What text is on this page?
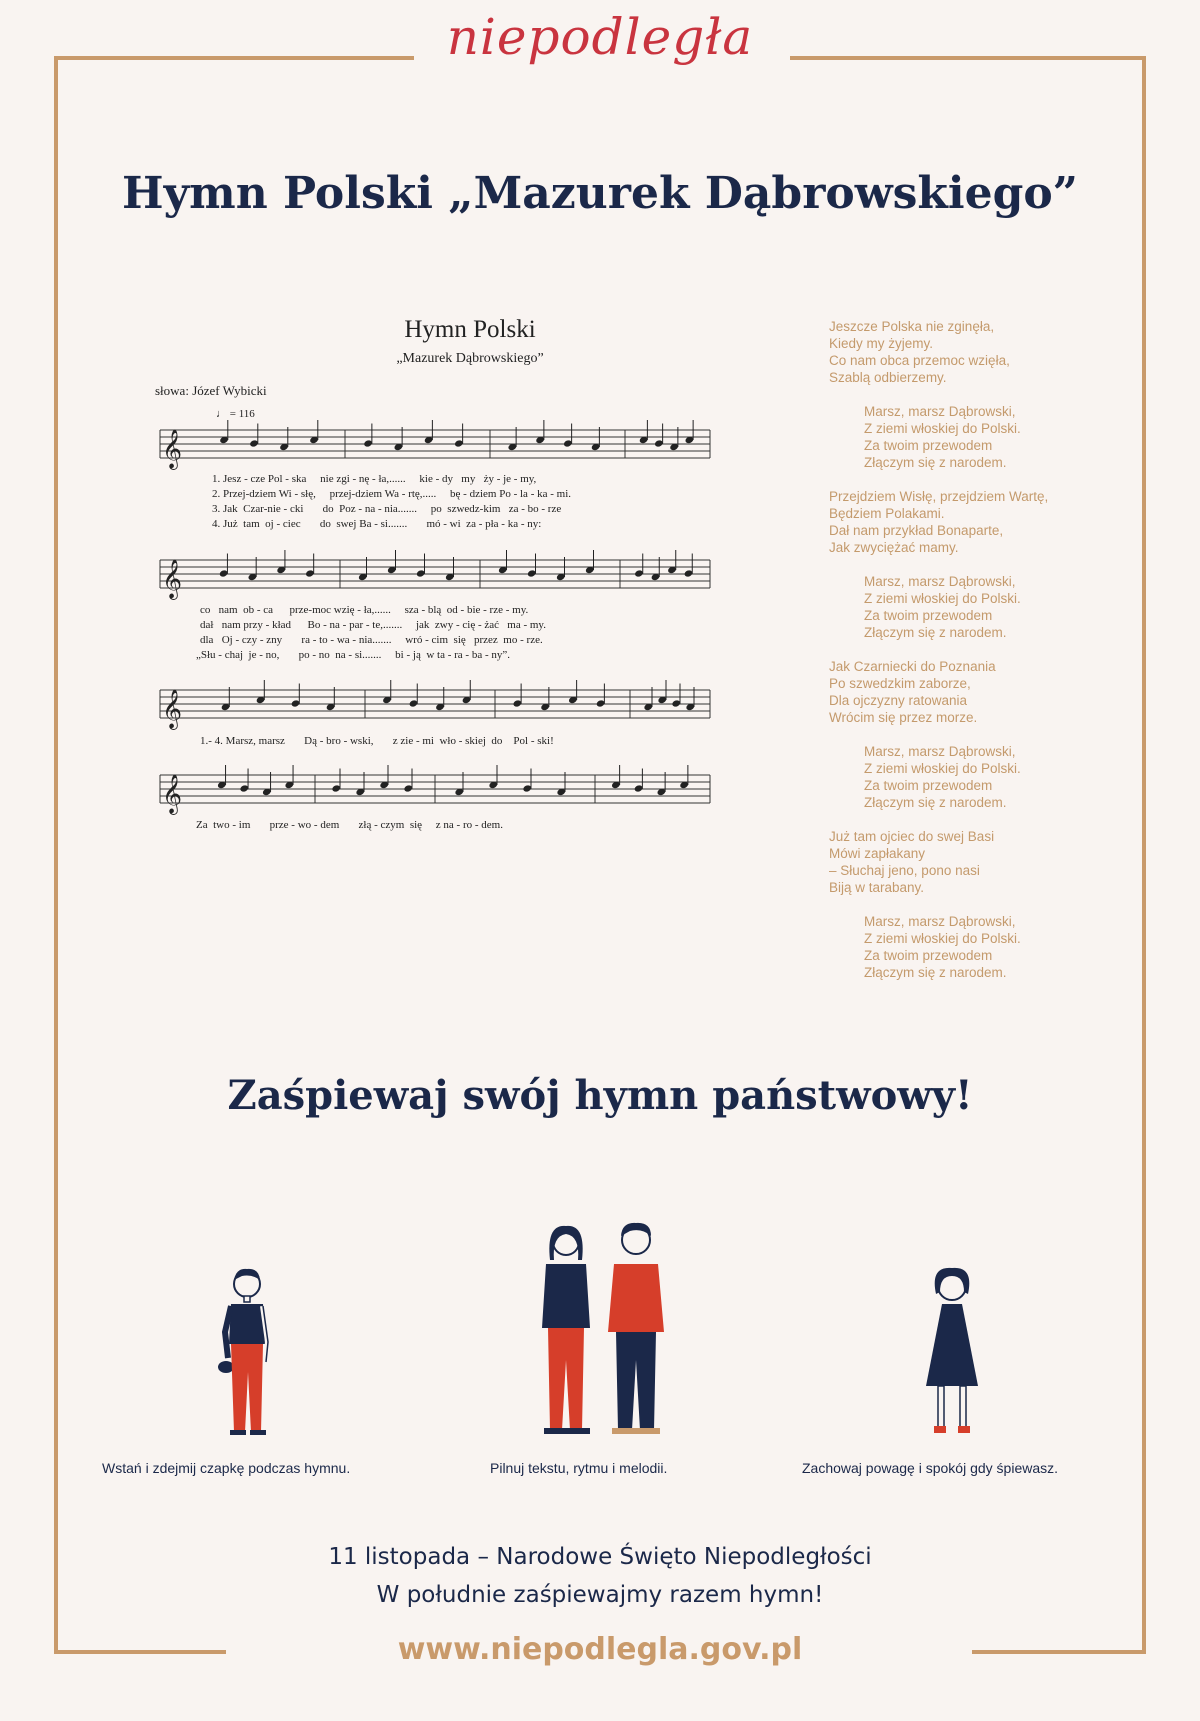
niepodległa
Hymn Polski „Mazurek Dąbrowskiego”
𝄞
𝄞
𝄞
𝄞
Hymn Polski
„Mazurek Dąbrowskiego”
słowa: Józef Wybicki
♩ = 116
1. Jesz - cze Pol - ska     nie zgi - nę - ła,......     kie - dy   my   ży - je - my,
2. Przej-dziem Wi - słę,     przej-dziem Wa - rtę,.....     bę - dziem Po - la - ka - mi.
3. Jak  Czar-nie - cki       do  Poz - na - nia.......     po  szwedz-kim   za - bo - rze
4. Już  tam  oj - ciec       do  swej Ba - si.......       mó - wi  za - pła - ka - ny:
co   nam  ob - ca      prze-moc wzię - ła,......     sza - blą  od - bie - rze - my.
dał   nam przy - kład      Bo - na - par - te,.......     jak  zwy - cię - żać   ma - my.
dla   Oj - czy - zny       ra - to - wa - nia.......     wró - cim  się   przez  mo - rze.
„Słu - chaj  je - no,       po - no  na - si.......     bi - ją  w ta - ra - ba - ny”.
1.- 4. Marsz, marsz       Dą - bro - wski,       z zie - mi  wło - skiej  do    Pol - ski!
Za  two - im       prze - wo - dem       złą - czym  się     z na - ro - dem.
Jeszcze Polska nie zginęła,
Kiedy my żyjemy.
Co nam obca przemoc wzięła,
Szablą odbierzemy.
Marsz, marsz Dąbrowski,
Z ziemi włoskiej do Polski.
Za twoim przewodem
Złączym się z narodem.
Przejdziem Wisłę, przejdziem Wartę,
Będziem Polakami.
Dał nam przykład Bonaparte,
Jak zwyciężać mamy.
Marsz, marsz Dąbrowski,
Z ziemi włoskiej do Polski.
Za twoim przewodem
Złączym się z narodem.
Jak Czarniecki do Poznania
Po szwedzkim zaborze,
Dla ojczyzny ratowania
Wrócim się przez morze.
Marsz, marsz Dąbrowski,
Z ziemi włoskiej do Polski.
Za twoim przewodem
Złączym się z narodem.
Już tam ojciec do swej Basi
Mówi zapłakany
– Słuchaj jeno, pono nasi
Biją w tarabany.
Marsz, marsz Dąbrowski,
Z ziemi włoskiej do Polski.
Za twoim przewodem
Złączym się z narodem.
Zaśpiewaj swój hymn państwowy!
Wstań i zdejmij czapkę podczas hymnu.	Pilnuj tekstu, rytmu i melodii.	Zachowaj powagę i spokój gdy śpiewasz.
11 listopada – Narodowe Święto Niepodległości
W południe zaśpiewajmy razem hymn!
www.niepodlegla.gov.pl
